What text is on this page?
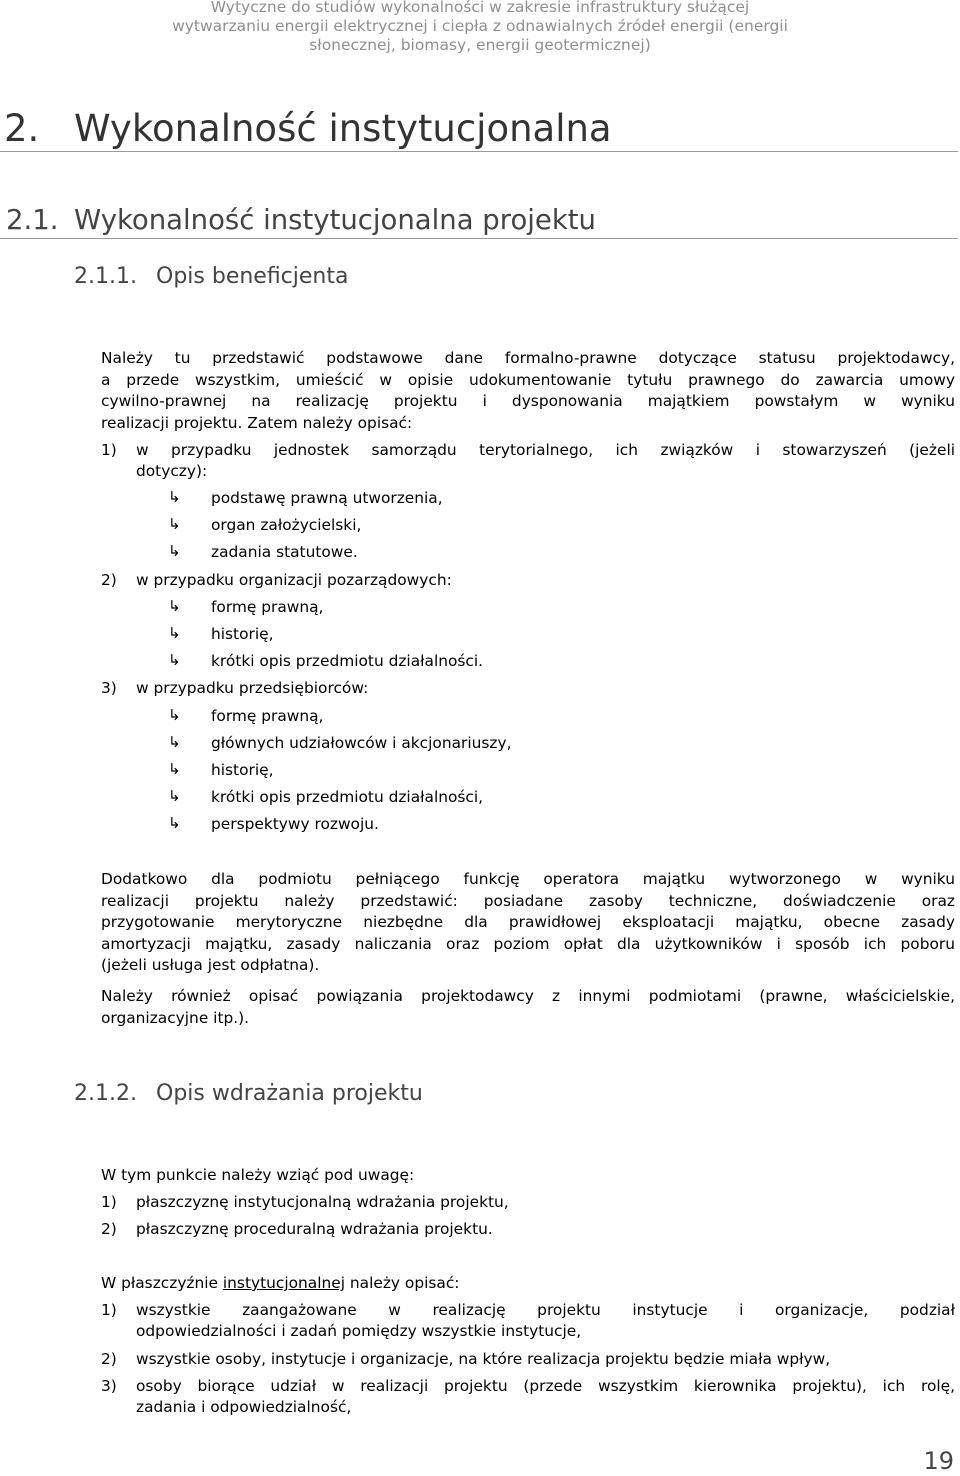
Wytyczne do studiów wykonalności w zakresie infrastruktury służącej
wytwarzaniu energii elektrycznej i ciepła z odnawialnych źródeł energii (energii
słonecznej, biomasy, energii geotermicznej)
2. Wykonalność instytucjonalna
2.1. Wykonalność instytucjonalna projektu
2.1.1. Opis beneficjenta
Należy tu przedstawić podstawowe dane formalno-prawne dotyczące statusu projektodawcy,
a przede wszystkim, umieścić w opisie udokumentowanie tytułu prawnego do zawarcia umowy
cywilno-prawnej na realizację projektu i dysponowania majątkiem powstałym w wyniku
realizacji projektu. Zatem należy opisać:
1) w przypadku jednostek samorządu terytorialnego, ich związków i stowarzyszeń (jeżeli
dotyczy):
↳ podstawę prawną utworzenia,
↳ organ założycielski,
↳ zadania statutowe.
2) w przypadku organizacji pozarządowych:
↳ formę prawną,
↳ historię,
↳ krótki opis przedmiotu działalności.
3) w przypadku przedsiębiorców:
↳ formę prawną,
↳ głównych udziałowców i akcjonariuszy,
↳ historię,
↳ krótki opis przedmiotu działalności,
↳ perspektywy rozwoju.
Dodatkowo dla podmiotu pełniącego funkcję operatora majątku wytworzonego w wyniku
realizacji projektu należy przedstawić: posiadane zasoby techniczne, doświadczenie oraz
przygotowanie merytoryczne niezbędne dla prawidłowej eksploatacji majątku, obecne zasady
amortyzacji majątku, zasady naliczania oraz poziom opłat dla użytkowników i sposób ich poboru
(jeżeli usługa jest odpłatna).
Należy również opisać powiązania projektodawcy z innymi podmiotami (prawne, właścicielskie,
organizacyjne itp.).
2.1.2. Opis wdrażania projektu
W tym punkcie należy wziąć pod uwagę:
1) płaszczyznę instytucjonalną wdrażania projektu,
2) płaszczyznę proceduralną wdrażania projektu.
W płaszczyźnie instytucjonalnej należy opisać:
1) wszystkie zaangażowane w realizację projektu instytucje i organizacje, podział
odpowiedzialności i zadań pomiędzy wszystkie instytucje,
2) wszystkie osoby, instytucje i organizacje, na które realizacja projektu będzie miała wpływ,
3) osoby biorące udział w realizacji projektu (przede wszystkim kierownika projektu), ich rolę,
zadania i odpowiedzialność,
19
